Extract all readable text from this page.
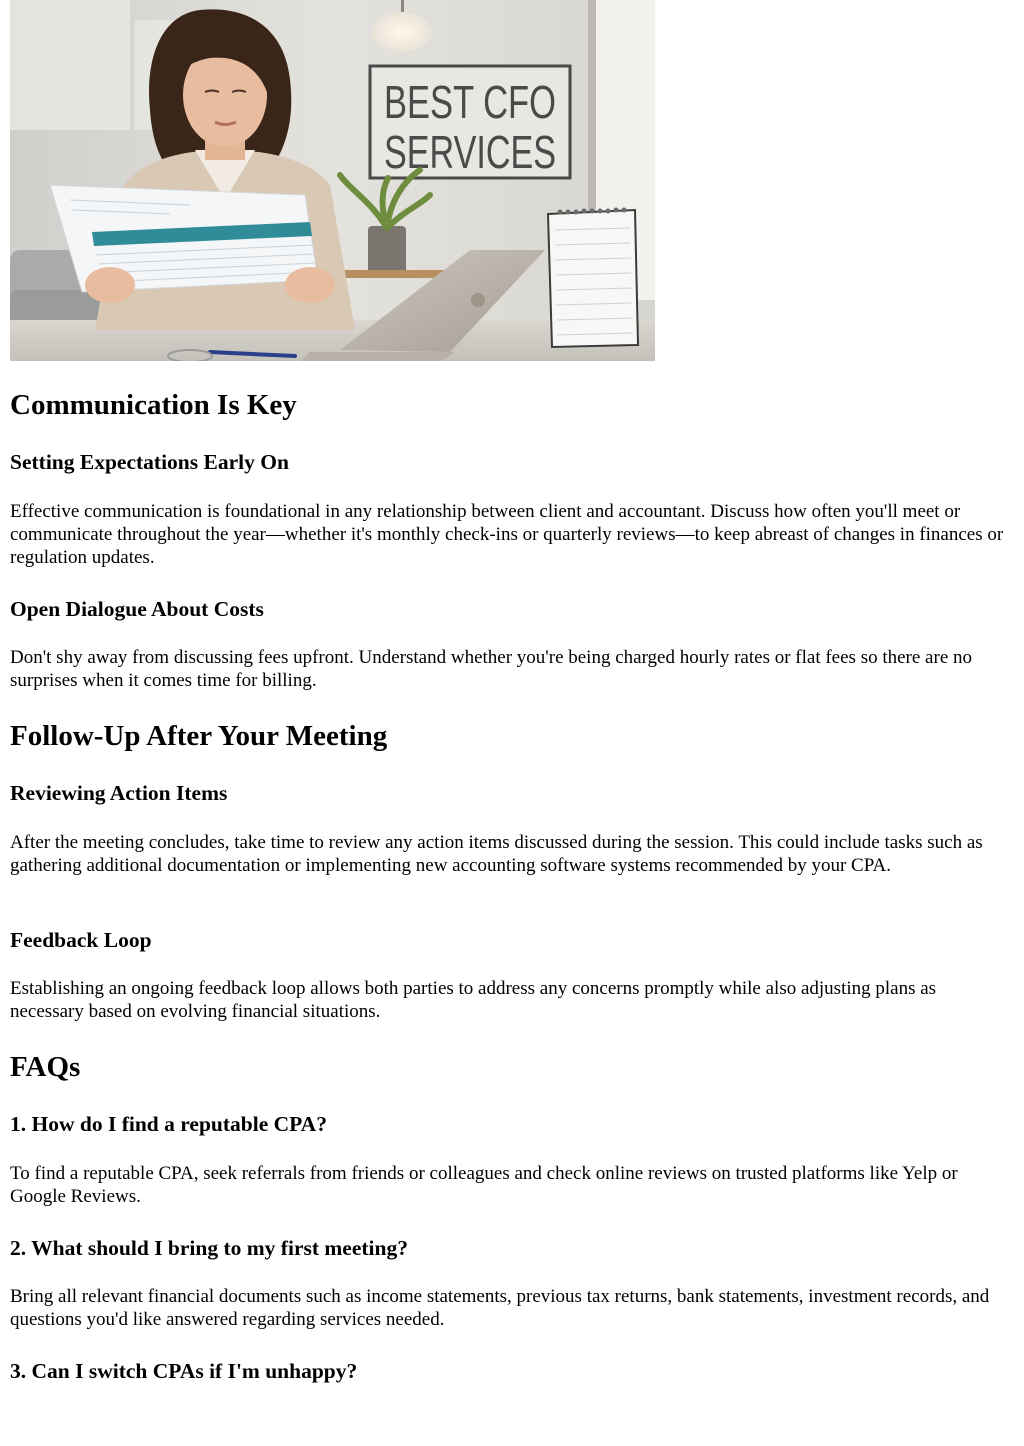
BEST CFO
SERVICES
Communication Is Key
Setting Expectations Early On

Effective communication is foundational in any relationship between client and accountant. Discuss how often you'll meet or communicate throughout the year—whether it's monthly check-ins or quarterly reviews—to keep abreast of changes in finances or regulation updates.

Open Dialogue About Costs

Don't shy away from discussing fees upfront. Understand whether you're being charged hourly rates or flat fees so there are no surprises when it comes time for billing.

Follow-Up After Your Meeting
Reviewing Action Items

After the meeting concludes, take time to review any action items discussed during the session. This could include tasks such as gathering additional documentation or implementing new accounting software systems recommended by your CPA.

Feedback Loop

Establishing an ongoing feedback loop allows both parties to address any concerns promptly while also adjusting plans as necessary based on evolving financial situations.

FAQs
1. How do I find a reputable CPA?

To find a reputable CPA, seek referrals from friends or colleagues and check online reviews on trusted platforms like Yelp or Google Reviews.

2. What should I bring to my first meeting?

Bring all relevant financial documents such as income statements, previous tax returns, bank statements, investment records, and questions you'd like answered regarding services needed.

3. Can I switch CPAs if I'm unhappy?
